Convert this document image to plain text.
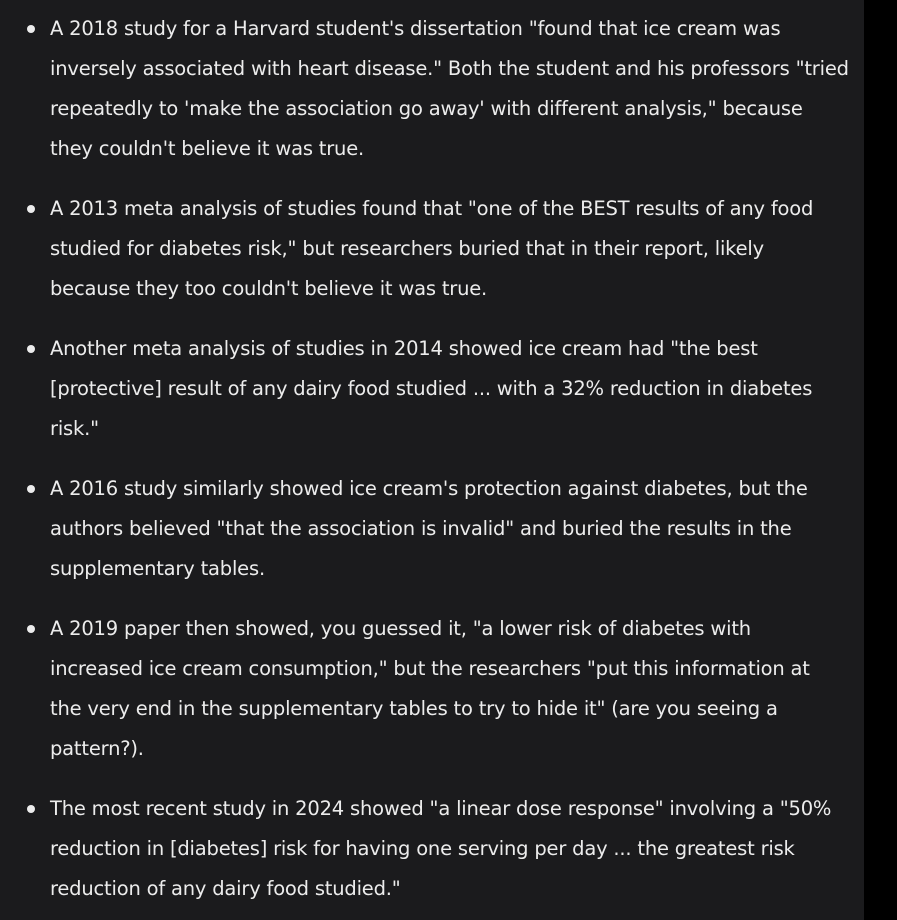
A 2018 study for a Harvard student's dissertation "found that ice cream was
inversely associated with heart disease." Both the student and his professors "tried
repeatedly to 'make the association go away' with different analysis," because
they couldn't believe it was true.
A 2013 meta analysis of studies found that "one of the BEST results of any food
studied for diabetes risk," but researchers buried that in their report, likely
because they too couldn't believe it was true.
Another meta analysis of studies in 2014 showed ice cream had "the best
[protective] result of any dairy food studied ... with a 32% reduction in diabetes
risk."
A 2016 study similarly showed ice cream's protection against diabetes, but the
authors believed "that the association is invalid" and buried the results in the
supplementary tables.
A 2019 paper then showed, you guessed it, "a lower risk of diabetes with
increased ice cream consumption," but the researchers "put this information at
the very end in the supplementary tables to try to hide it" (are you seeing a
pattern?).
The most recent study in 2024 showed "a linear dose response" involving a "50%
reduction in [diabetes] risk for having one serving per day ... the greatest risk
reduction of any dairy food studied."
